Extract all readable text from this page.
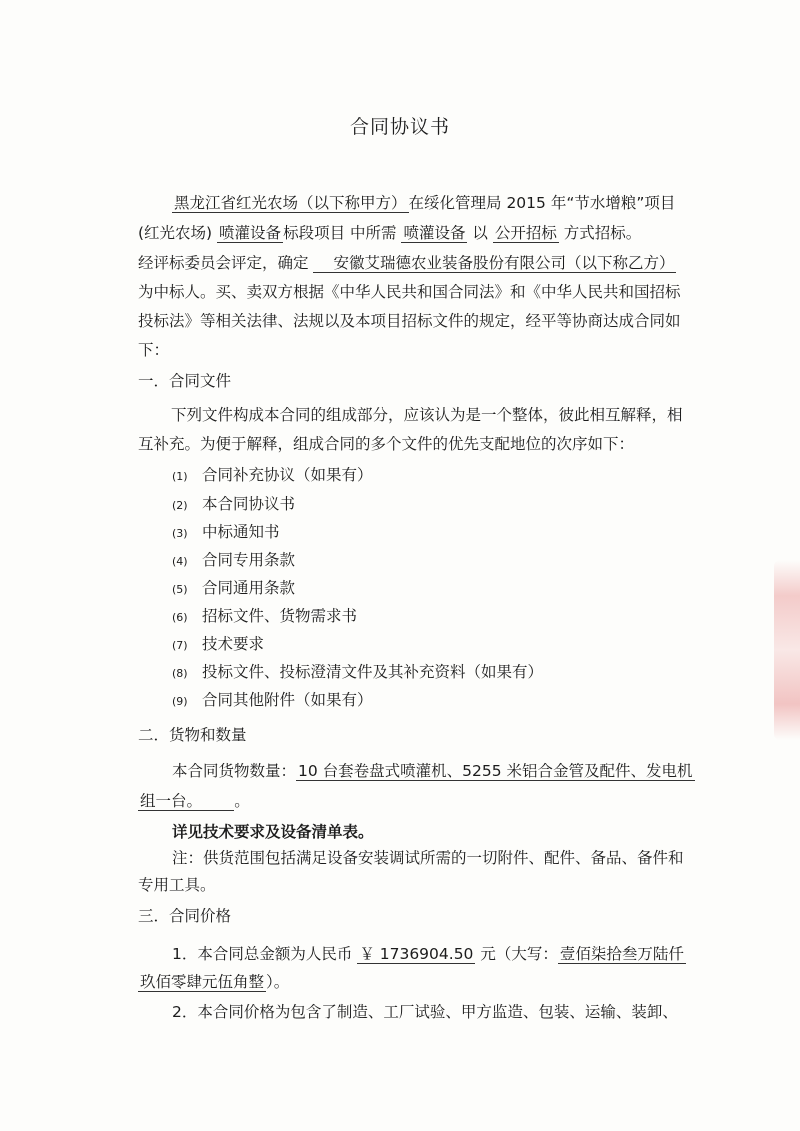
合同协议书
黑龙江省红光农场（以下称甲方） 在绥化管理局 2015 年“节水增粮”项目
(红光农场) 喷灌设备 标段项目 中所需 喷灌设备 以 公开招标 方式招标。
经评标委员会评定，确定 安徽艾瑞德农业装备股份有限公司（以下称乙方）
为中标人。买、卖双方根据《中华人民共和国合同法》和《中华人民共和国招标
投标法》等相关法律、法规以及本项目招标文件的规定，经平等协商达成合同如
下：
一．合同文件
下列文件构成本合同的组成部分，应该认为是一个整体，彼此相互解释，相
互补充。为便于解释，组成合同的多个文件的优先支配地位的次序如下：
(1) 合同补充协议（如果有）
(2) 本合同协议书
(3) 中标通知书
(4) 合同专用条款
(5) 合同通用条款
(6) 招标文件、货物需求书
(7) 技术要求
(8) 投标文件、投标澄清文件及其补充资料（如果有）
(9) 合同其他附件（如果有）
二．货物和数量
本合同货物数量： 10 台套卷盘式喷灌机、5255 米铝合金管及配件、发电机
组一台。	。
详见技术要求及设备清单表。
注：供货范围包括满足设备安装调试所需的一切附件、配件、备品、备件和
专用工具。
三．合同价格
1．本合同总金额为人民币 ￥ 1736904.50 元（大写： 壹佰柒拾叁万陆仟
玖佰零肆元伍角整 ）。
2．本合同价格为包含了制造、工厂试验、甲方监造、包装、运输、装卸、
